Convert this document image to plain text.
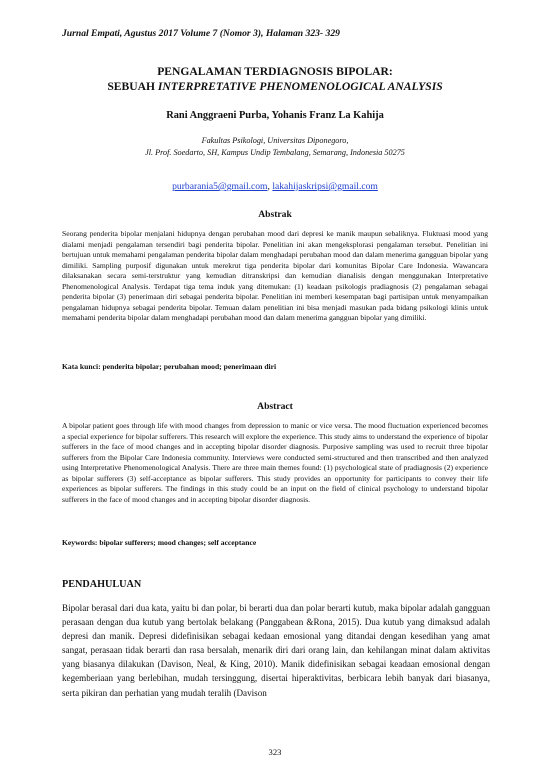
Jurnal Empati, Agustus 2017 Volume 7 (Nomor 3), Halaman 323- 329
PENGALAMAN TERDIAGNOSIS BIPOLAR:
SEBUAH INTERPRETATIVE PHENOMENOLOGICAL ANALYSIS
Rani Anggraeni Purba, Yohanis Franz La Kahija
Fakultas Psikologi, Universitas Diponegoro,
Jl. Prof. Soedarto, SH, Kampus Undip Tembalang, Semarang, Indonesia 50275
purbarania5@gmail.com, lakahijaskripsi@gmail.com
Abstrak
Seorang penderita bipolar menjalani hidupnya dengan perubahan mood dari depresi ke manik maupun sebaliknya. Fluktuasi mood yang dialami menjadi pengalaman tersendiri bagi penderita bipolar. Penelitian ini akan mengeksplorasi pengalaman tersebut. Penelitian ini bertujuan untuk memahami pengalaman penderita bipolar dalam menghadapi perubahan mood dan dalam menerima gangguan bipolar yang dimiliki. Sampling purposif digunakan untuk merekrut tiga penderita bipolar dari komunitas Bipolar Care Indonesia. Wawancara dilaksanakan secara semi-terstruktur yang kemudian ditranskripsi dan kemudian dianalisis dengan menggunakan Interpretative Phenomenological Analysis. Terdapat tiga tema induk yang ditemukan: (1) keadaan psikologis pradiagnosis (2) pengalaman sebagai penderita bipolar (3) penerimaan diri sebagai penderita bipolar. Penelitian ini memberi kesempatan bagi partisipan untuk menyampaikan pengalaman hidupnya sebagai penderita bipolar. Temuan dalam penelitian ini bisa menjadi masukan pada bidang psikologi klinis untuk memahami penderita bipolar dalam menghadapi perubahan mood dan dalam menerima gangguan bipolar yang dimiliki.
Kata kunci: penderita bipolar; perubahan mood; penerimaan diri
Abstract
A bipolar patient goes through life with mood changes from depression to manic or vice versa. The mood fluctuation experienced becomes a special experience for bipolar sufferers. This research will explore the experience. This study aims to understand the experience of bipolar sufferers in the face of mood changes and in accepting bipolar disorder diagnosis. Purposive sampling was used to recruit three bipolar sufferers from the Bipolar Care Indonesia community. Interviews were conducted semi-structured and then transcribed and then analyzed using Interpretative Phenomenological Analysis. There are three main themes found: (1) psychological state of pradiagnosis (2) experience as bipolar sufferers (3) self-acceptance as bipolar sufferers. This study provides an opportunity for participants to convey their life experiences as bipolar sufferers. The findings in this study could be an input on the field of clinical psychology to understand bipolar sufferers in the face of mood changes and in accepting bipolar disorder diagnosis.
Keywords: bipolar sufferers; mood changes; self acceptance
PENDAHULUAN
Bipolar berasal dari dua kata, yaitu bi dan polar, bi berarti dua dan polar berarti kutub, maka bipolar adalah gangguan perasaan dengan dua kutub yang bertolak belakang (Panggabean &Rona, 2015). Dua kutub yang dimaksud adalah depresi dan manik. Depresi didefinisikan sebagai kedaan emosional yang ditandai dengan kesedihan yang amat sangat, perasaan tidak berarti dan rasa bersalah, menarik diri dari orang lain, dan kehilangan minat dalam aktivitas yang biasanya dilakukan (Davison, Neal, & King, 2010). Manik didefinisikan sebagai keadaan emosional dengan kegemberiaan yang berlebihan, mudah tersinggung, disertai hiperaktivitas, berbicara lebih banyak dari biasanya, serta pikiran dan perhatian yang mudah teralih (Davison
323
